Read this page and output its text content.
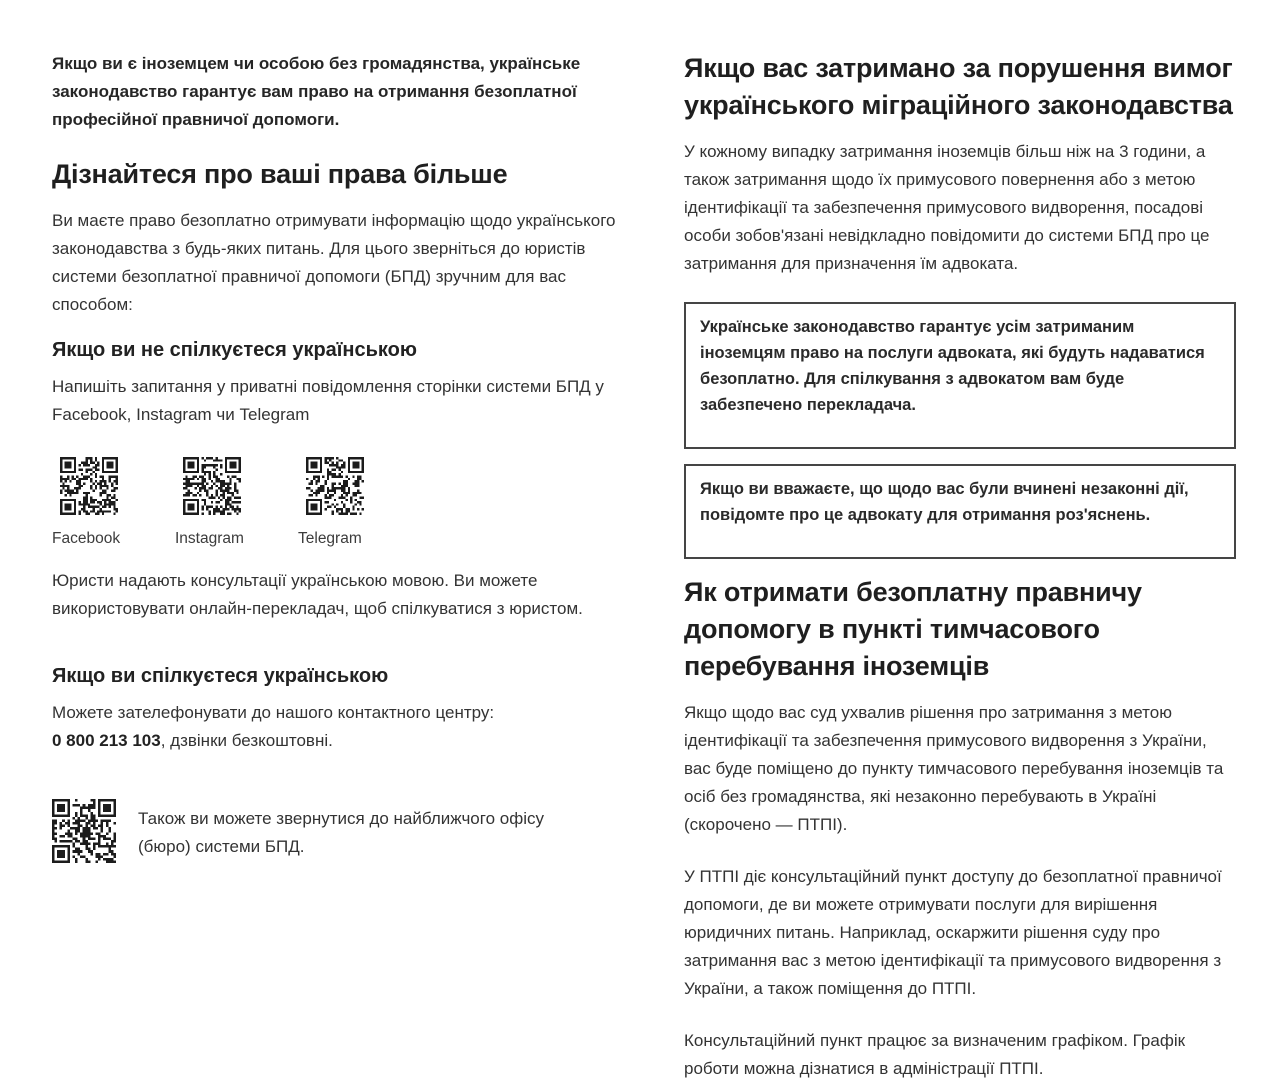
Якщо ви є іноземцем чи особою без громадянства, українське законодавство гарантує вам право на отримання безоплатної професійної правничої допомоги.

Дізнайтеся про ваші права більше

Ви маєте право безоплатно отримувати інформацію щодо українського законодавства з будь-яких питань. Для цього зверніться до юристів системи безоплатної правничої допомоги (БПД) зручним для вас способом:

Якщо ви не спілкуєтеся українською

Напишіть запитання у приватні повідомлення сторінки системи БПД у Facebook, Instagram чи Telegram

Facebook	Instagram	Telegram

Юристи надають консультації українською мовою. Ви можете використовувати онлайн-перекладач, щоб спілкуватися з юристом.

Якщо ви спілкуєтеся українською

Можете зателефонувати до нашого контактного центру:
0 800 213 103, дзвінки безкоштовні.

Також ви можете звернутися до найближчого офісу (бюро) системи БПД.

Якщо вас затримано за порушення вимог українського міграційного законодавства

У кожному випадку затримання іноземців більш ніж на 3 години, а також затримання щодо їх примусового повернення або з метою ідентифікації та забезпечення примусового видворення, посадові особи зобов'язані невідкладно повідомити до системи БПД про це затримання для призначення їм адвоката.

Українське законодавство гарантує усім затриманим іноземцям право на послуги адвоката, які будуть надаватися безоплатно. Для спілкування з адвокатом вам буде забезпечено перекладача.

Якщо ви вважаєте, що щодо вас були вчинені незаконні дії, повідомте про це адвокату для отримання роз'яснень.

Як отримати безоплатну правничу допомогу в пункті тимчасового перебування іноземців

Якщо щодо вас суд ухвалив рішення про затримання з метою ідентифікації та забезпечення примусового видворення з України, вас буде поміщено до пункту тимчасового перебування іноземців та осіб без громадянства, які незаконно перебувають в Україні (скорочено — ПТПІ).

У ПТПІ діє консультаційний пункт доступу до безоплатної правничої допомоги, де ви можете отримувати послуги для вирішення юридичних питань. Наприклад, оскаржити рішення суду про затримання вас з метою ідентифікації та примусового видворення з України, а також поміщення до ПТПІ.

Консультаційний пункт працює за визначеним графіком. Графік роботи можна дізнатися в адміністрації ПТПІ.
